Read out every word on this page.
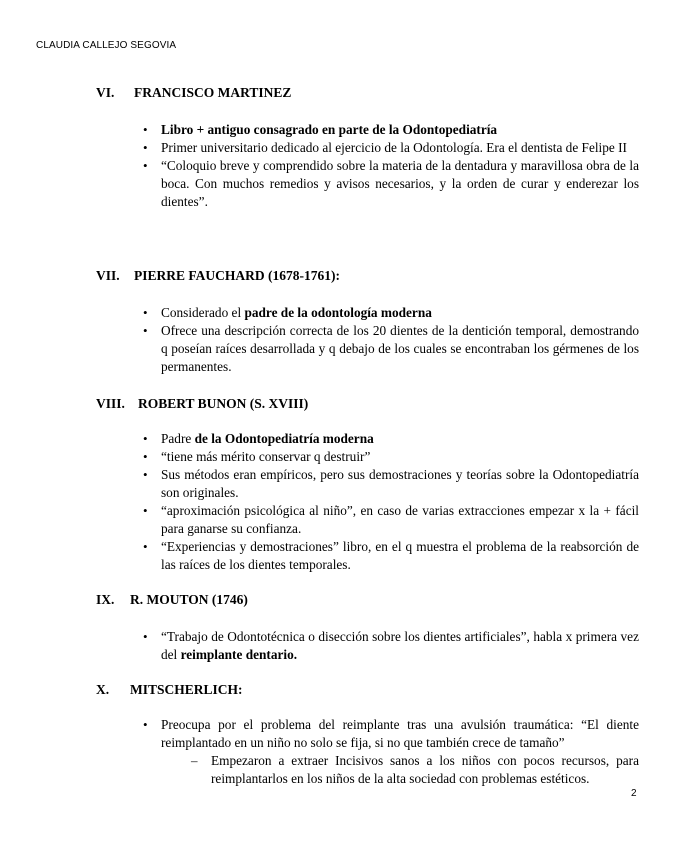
CLAUDIA CALLEJO SEGOVIA
VI. FRANCISCO MARTINEZ
• Libro + antiguo consagrado en parte de la Odontopediatría
• Primer universitario dedicado al ejercicio de la Odontología. Era el dentista de Felipe II
• “Coloquio breve y comprendido sobre la materia de la dentadura y maravillosa obra de la boca. Con muchos remedios y avisos necesarios, y la orden de curar y enderezar los dientes”.
VII. PIERRE FAUCHARD (1678-1761):
• Considerado el padre de la odontología moderna
• Ofrece una descripción correcta de los 20 dientes de la dentición temporal, demostrando q poseían raíces desarrollada y q debajo de los cuales se encontraban los gérmenes de los permanentes.
VIII. ROBERT BUNON (S. XVIII)
• Padre de la Odontopediatría moderna
• “tiene más mérito conservar q destruir”
• Sus métodos eran empíricos, pero sus demostraciones y teorías sobre la Odontopediatría son originales.
• “aproximación psicológica al niño”, en caso de varias extracciones empezar x la + fácil para ganarse su confianza.
• “Experiencias y demostraciones” libro, en el q muestra el problema de la reabsorción de las raíces de los dientes temporales.
IX. R. MOUTON (1746)
• “Trabajo de Odontotécnica o disección sobre los dientes artificiales”, habla x primera vez del reimplante dentario.
X. MITSCHERLICH:
• Preocupa por el problema del reimplante tras una avulsión traumática: “El diente reimplantado en un niño no solo se fija, si no que también crece de tamaño”
– Empezaron a extraer Incisivos sanos a los niños con pocos recursos, para reimplantarlos en los niños de la alta sociedad con problemas estéticos.
2
